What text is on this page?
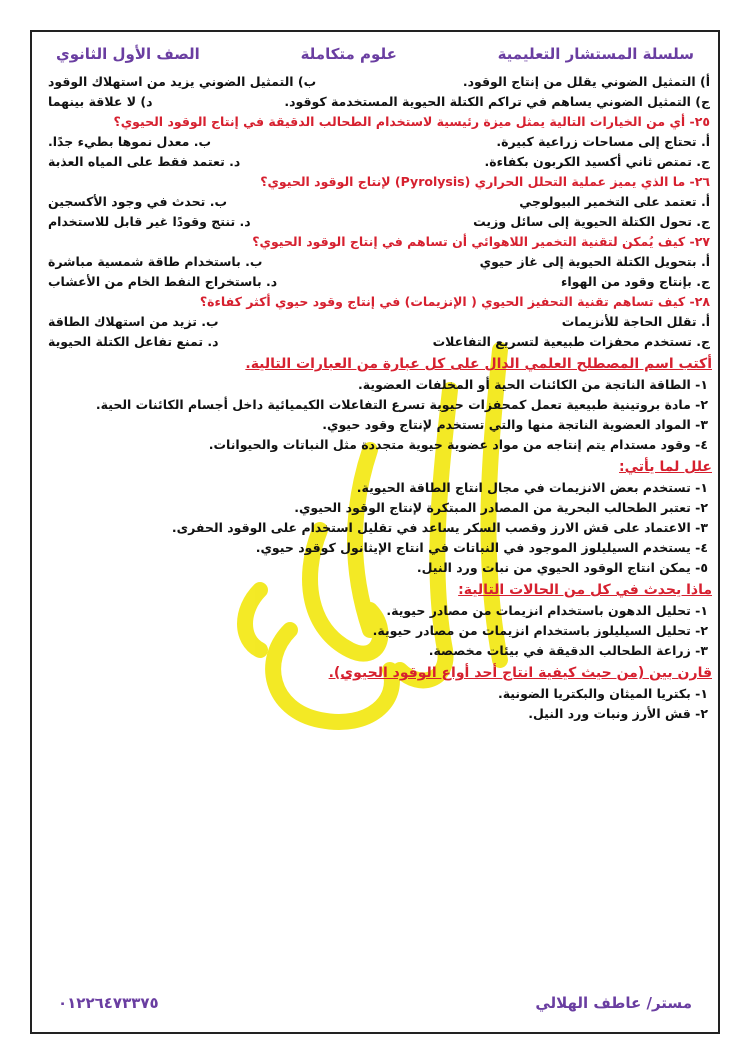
سلسلة المستشار التعليمية
علوم متكاملة
الصف الأول الثانوي
أ) التمثيل الضوني يقلل من إنتاج الوقود.
ب) التمثيل الضوني يزيد من استهلاك الوقود
ج) التمثيل الضوني يساهم في تراكم الكتلة الحيوية المستخدمة كوقود.
د) لا علاقة بينهما
٢٥- أي من الخيارات التالية يمثل ميزة رئيسية لاستخدام الطحالب الدقيقة في إنتاج الوقود الحيوي؟
أ. تحتاج إلى مساحات زراعية كبيرة.
ب. معدل نموها بطيء جدًا.
ج. تمتص ثاني أكسيد الكربون بكفاءة.
د. تعتمد فقط على المياه العذبة
٢٦- ما الذي يميز عملية التحلل الحراري (Pyrolysis) لإنتاج الوقود الحيوي؟
أ. تعتمد على التخمير البيولوجي
ب. تحدث في وجود الأكسجين
ج. تحول الكتلة الحيوية إلى سائل وزيت
د. تنتج وقودًا غير قابل للاستخدام
٢٧- كيف يُمكن لتقنية التخمير اللاهوائي أن تساهم في إنتاج الوقود الحيوي؟
أ. بتحويل الكتلة الحيوية إلى غاز حيوي
ب. باستخدام طاقة شمسية مباشرة
ج. بإنتاج وقود من الهواء
د. باستخراج النفط الخام من الأعشاب
٢٨- كيف تساهم تقنية التحفيز الحيوي ( الإنزيمات) في إنتاج وقود حيوي أكثر كفاءة؟
أ. تقلل الحاجة للأنزيمات
ب. تزيد من استهلاك الطاقة
ج. تستخدم محفزات طبيعية لتسريع التفاعلات
د. تمنع تفاعل الكتلة الحيوية
أكتب اسم المصطلح العلمي الدال على كل عبارة من العبارات التالية.
١- الطاقة الناتجة من الكائنات الحية أو المخلفات العضوية.
٢- مادة بروتينية طبيعية تعمل كمحفزات حيوية تسرع التفاعلات الكيميائية داخل أجسام الكائنات الحية.
٣- المواد العضوية الناتجة منها والتي تستخدم لإنتاج وقود حيوي.
٤- وقود مستدام يتم إنتاجه من مواد عضوية حيوية متجددة مثل النباتات والحيوانات.
علل لما يأتي:
١- تستخدم بعض الانزيمات في مجال انتاج الطاقة الحيوية.
٢- تعتبر الطحالب البحرية من المصادر المبتكرة لإنتاج الوقود الحيوي.
٣- الاعتماد على قش الارز وقصب السكر يساعد في تقليل استخدام على الوقود الحفرى.
٤- يستخدم السيليلوز الموجود في النباتات في انتاج الإيثانول كوقود حيوي.
٥- يمكن انتاج الوقود الحيوي من نبات ورد النيل.
ماذا يحدث في كل من الحالات التالية:
١- تحليل الدهون باستخدام انزيمات من مصادر حيوية.
٢- تحليل السيليلوز باستخدام انزيمات من مصادر حيوية.
٣- زراعة الطحالب الدقيقة في بيئات مخصصة.
قارن بين (من حيث كيفية انتاج أحد أواع الوقود الحيوي).
١- بكتريا الميثان والبكتريا الضونية.
٢- قش الأرز ونبات ورد النيل.
مستر/ عاطف الهلالي
٠١٢٢٦٤٧٣٣٧٥
